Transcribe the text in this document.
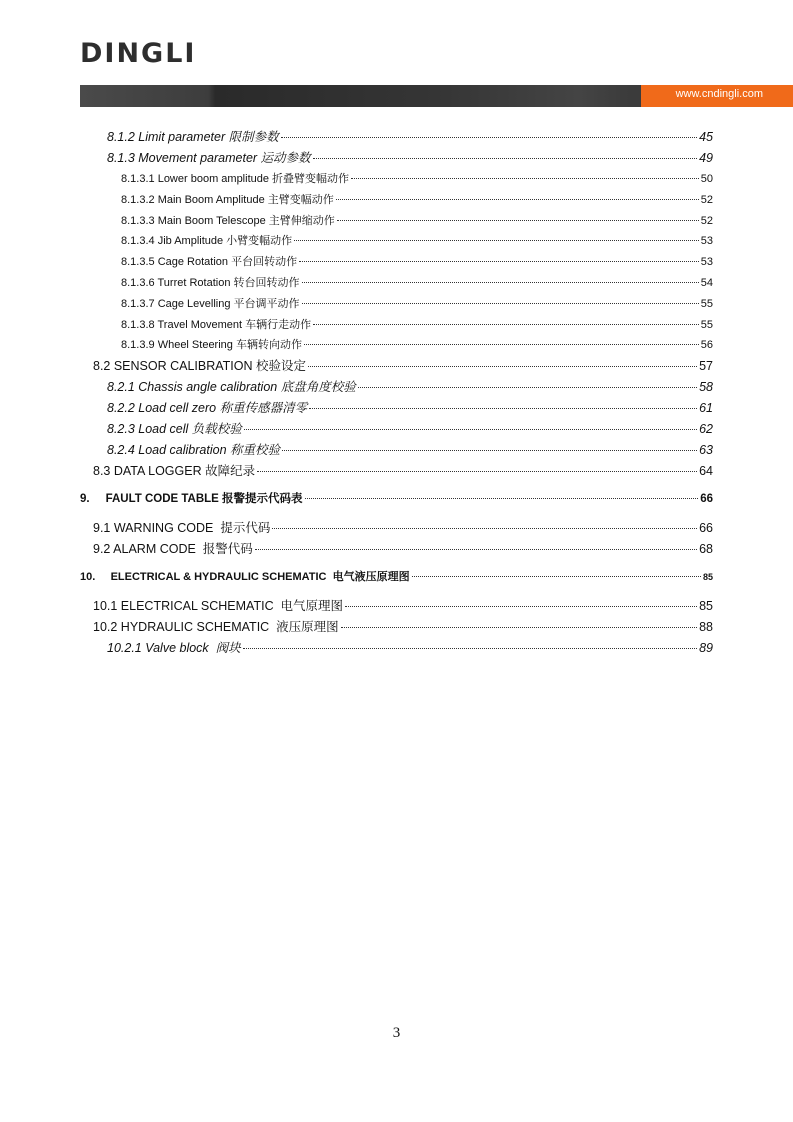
DINGLI
www.cndingli.com
8.1.2 Limit parameter 限制参数	45
8.1.3 Movement parameter 运动参数	49
8.1.3.1 Lower boom amplitude 折叠臂变幅动作	50
8.1.3.2 Main Boom Amplitude 主臂变幅动作	52
8.1.3.3 Main Boom Telescope 主臂伸缩动作	52
8.1.3.4 Jib Amplitude 小臂变幅动作	53
8.1.3.5 Cage Rotation 平台回转动作	53
8.1.3.6 Turret Rotation 转台回转动作	54
8.1.3.7 Cage Levelling 平台调平动作	55
8.1.3.8 Travel Movement 车辆行走动作	55
8.1.3.9 Wheel Steering 车辆转向动作	56
8.2 SENSOR CALIBRATION 校验设定	57
8.2.1 Chassis angle calibration 底盘角度校验	58
8.2.2 Load cell zero 称重传感器清零	61
8.2.3 Load cell 负载校验	62
8.2.4 Load calibration 称重校验	63
8.3 DATA LOGGER 故障纪录	64
9.     FAULT CODE TABLE 报警提示代码表	66
9.1 WARNING CODE  提示代码	66
9.2 ALARM CODE  报警代码	68
10.     ELECTRICAL & HYDRAULIC SCHEMATIC  电气液压原理图	85
10.1 ELECTRICAL SCHEMATIC  电气原理图	85
10.2 HYDRAULIC SCHEMATIC  液压原理图	88
10.2.1 Valve block  阀块	89
3
